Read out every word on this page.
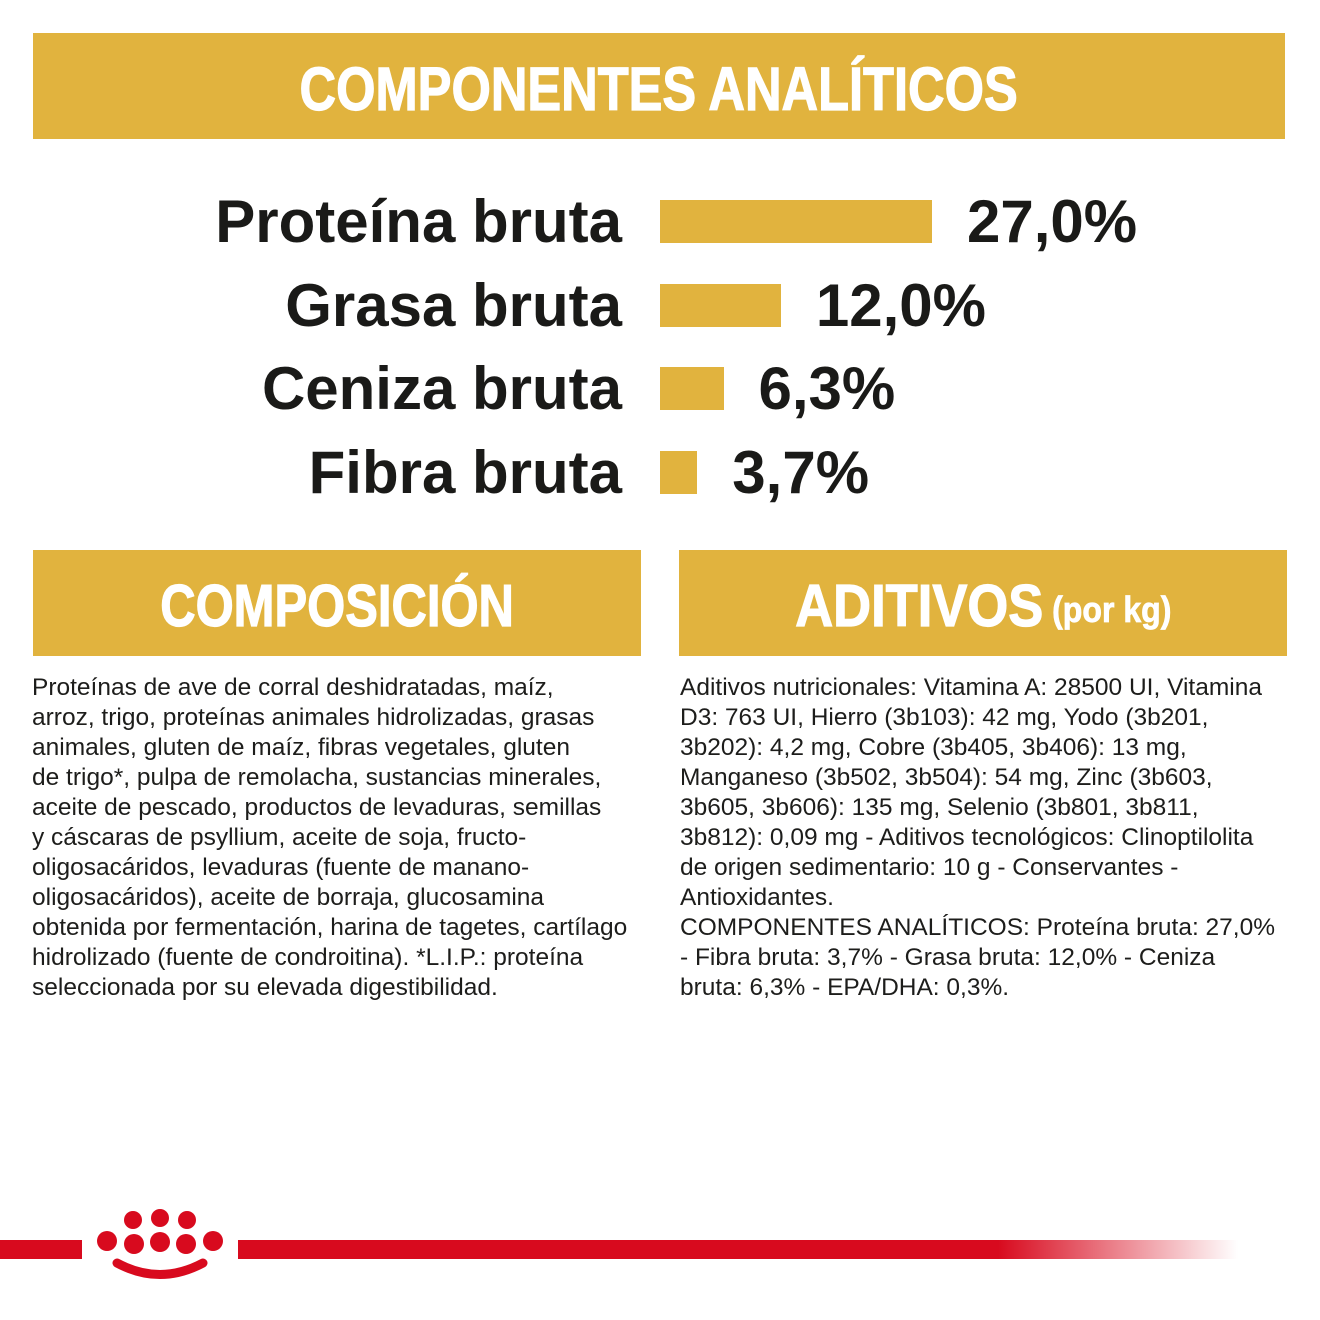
COMPONENTES ANALÍTICOS
Proteína bruta	27,0%
Grasa bruta	12,0%
Ceniza bruta 6,3%
Fibra bruta 3,7%
COMPOSICIÓN	ADITIVOS (por kg)
Proteínas de ave de corral deshidratadas, maíz,
arroz, trigo, proteínas animales hidrolizadas, grasas
animales, gluten de maíz, fibras vegetales, gluten
de trigo*, pulpa de remolacha, sustancias minerales,
aceite de pescado, productos de levaduras, semillas
y cáscaras de psyllium, aceite de soja, fructo-
oligosacáridos, levaduras (fuente de manano-
oligosacáridos), aceite de borraja, glucosamina
obtenida por fermentación, harina de tagetes, cartílago
hidrolizado (fuente de condroitina). *L.I.P.: proteína
seleccionada por su elevada digestibilidad.
Aditivos nutricionales: Vitamina A: 28500 UI, Vitamina
D3: 763 UI, Hierro (3b103): 42 mg, Yodo (3b201,
3b202): 4,2 mg, Cobre (3b405, 3b406): 13 mg,
Manganeso (3b502, 3b504): 54 mg, Zinc (3b603,
3b605, 3b606): 135 mg, Selenio (3b801, 3b811,
3b812): 0,09 mg - Aditivos tecnológicos: Clinoptilolita
de origen sedimentario: 10 g - Conservantes -
Antioxidantes.
COMPONENTES ANALÍTICOS: Proteína bruta: 27,0%
- Fibra bruta: 3,7% - Grasa bruta: 12,0% - Ceniza
bruta: 6,3% - EPA/DHA: 0,3%.
